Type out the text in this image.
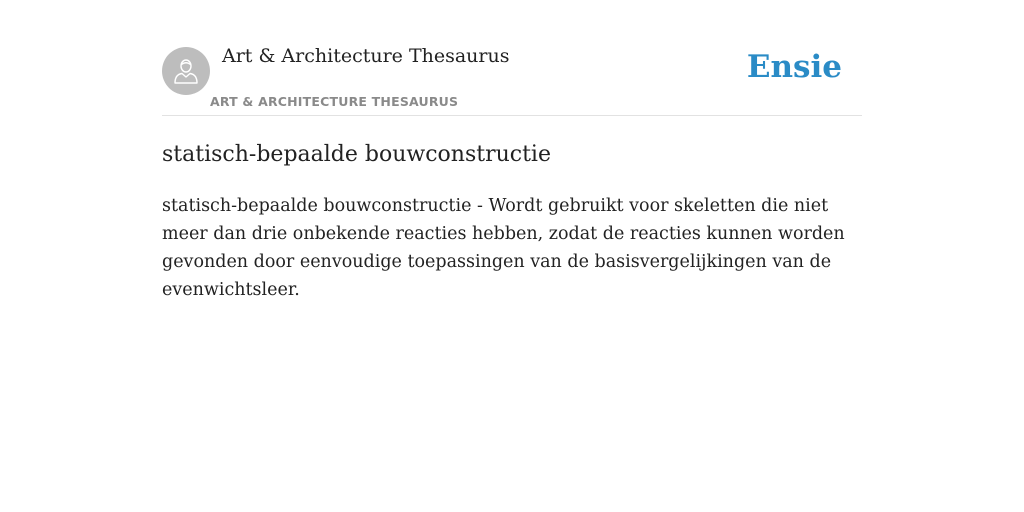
Art & Architecture Thesaurus
ART & ARCHITECTURE THESAURUS
Ensie
statisch-bepaalde bouwconstructie

statisch-bepaalde bouwconstructie - Wordt gebruikt voor skeletten die niet meer dan drie onbekende reacties hebben, zodat de reacties kunnen worden gevonden door eenvoudige toepassingen van de basisvergelijkingen van de evenwichtsleer.
